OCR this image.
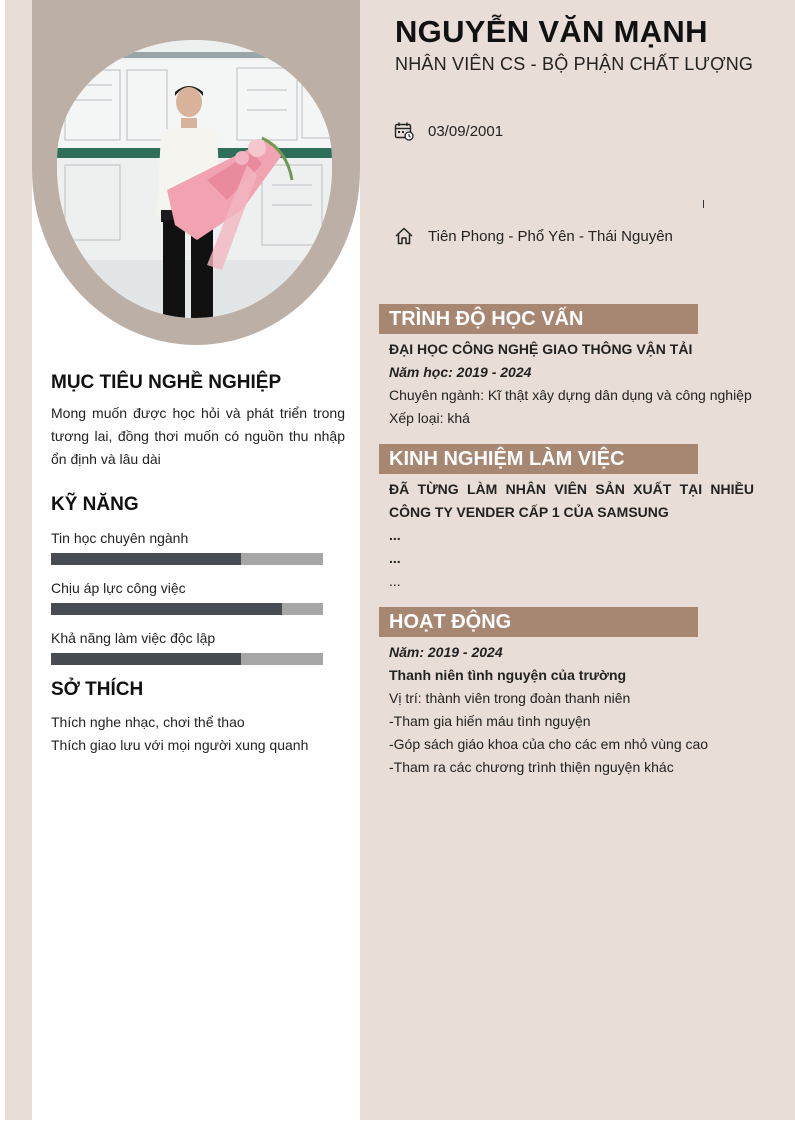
MỤC TIÊU NGHỀ NGHIỆP
Mong muốn được học hỏi và phát triển trong tương lai, đồng thơi muốn có nguồn thu nhập ổn định và lâu dài
KỸ NĂNG
Tin học chuyên ngành
Chịu áp lực công việc
Khả năng làm việc độc lập
SỞ THÍCH
Thích nghe nhạc, chơi thể thao
Thích giao lưu với mọi người xung quanh
NGUYỄN VĂN MẠNH
NHÂN VIÊN CS - BỘ PHẬN CHẤT LƯỢNG
03/09/2001
Tiên Phong - Phổ Yên - Thái Nguyên
TRÌNH ĐỘ HỌC VẤN
ĐẠI HỌC CÔNG NGHỆ GIAO THÔNG VẬN TẢI
Năm học: 2019 - 2024
Chuyên ngành: Kĩ thật xây dựng dân dụng và công nghiệp
Xếp loại: khá
KINH NGHIỆM LÀM VIỆC
ĐÃ TỪNG LÀM NHÂN VIÊN SẢN XUẤT TẠI NHIỀU CÔNG TY VENDER CẤP 1 CỦA SAMSUNG
...
...
...
HOẠT ĐỘNG
Năm: 2019 - 2024
Thanh niên tình nguyện của trường
Vị trí: thành viên trong đoàn thanh niên
-Tham gia hiến máu tình nguyện
-Góp sách giáo khoa của cho các em nhỏ vùng cao
-Tham ra các chương trình thiện nguyện khác
